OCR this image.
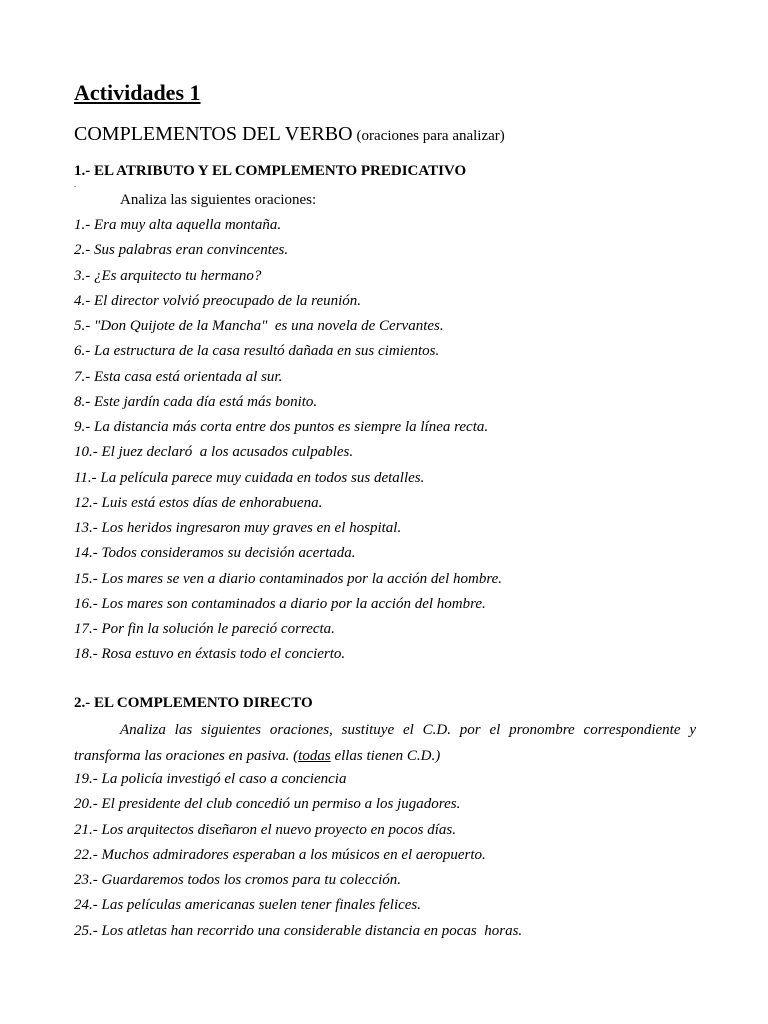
Actividades 1
COMPLEMENTOS DEL VERBO (oraciones para analizar)
1.- EL ATRIBUTO Y EL COMPLEMENTO PREDICATIVO
.
Analiza las siguientes oraciones:
1.- Era muy alta aquella montaña.
2.- Sus palabras eran convincentes.
3.- ¿Es arquitecto tu hermano?
4.- El director volvió preocupado de la reunión.
5.- "Don Quijote de la Mancha"  es una novela de Cervantes.
6.- La estructura de la casa resultó dañada en sus cimientos.
7.- Esta casa está orientada al sur.
8.- Este jardín cada día está más bonito.
9.- La distancia más corta entre dos puntos es siempre la línea recta.
10.- El juez declaró  a los acusados culpables.
11.- La película parece muy cuidada en todos sus detalles.
12.- Luis está estos días de enhorabuena.
13.- Los heridos ingresaron muy graves en el hospital.
14.- Todos consideramos su decisión acertada.
15.- Los mares se ven a diario contaminados por la acción del hombre.
16.- Los mares son contaminados a diario por la acción del hombre.
17.- Por fin la solución le pareció correcta.
18.- Rosa estuvo en éxtasis todo el concierto.
2.- EL COMPLEMENTO DIRECTO

Analiza las siguientes oraciones, sustituye el C.D. por el pronombre correspondiente y transforma las oraciones en pasiva. (todas ellas tienen C.D.)

19.- La policía investigó el caso a conciencia
20.- El presidente del club concedió un permiso a los jugadores.
21.- Los arquitectos diseñaron el nuevo proyecto en pocos días.
22.- Muchos admiradores esperaban a los músicos en el aeropuerto.
23.- Guardaremos todos los cromos para tu colección.
24.- Las películas americanas suelen tener finales felices.
25.- Los atletas han recorrido una considerable distancia en pocas  horas.
